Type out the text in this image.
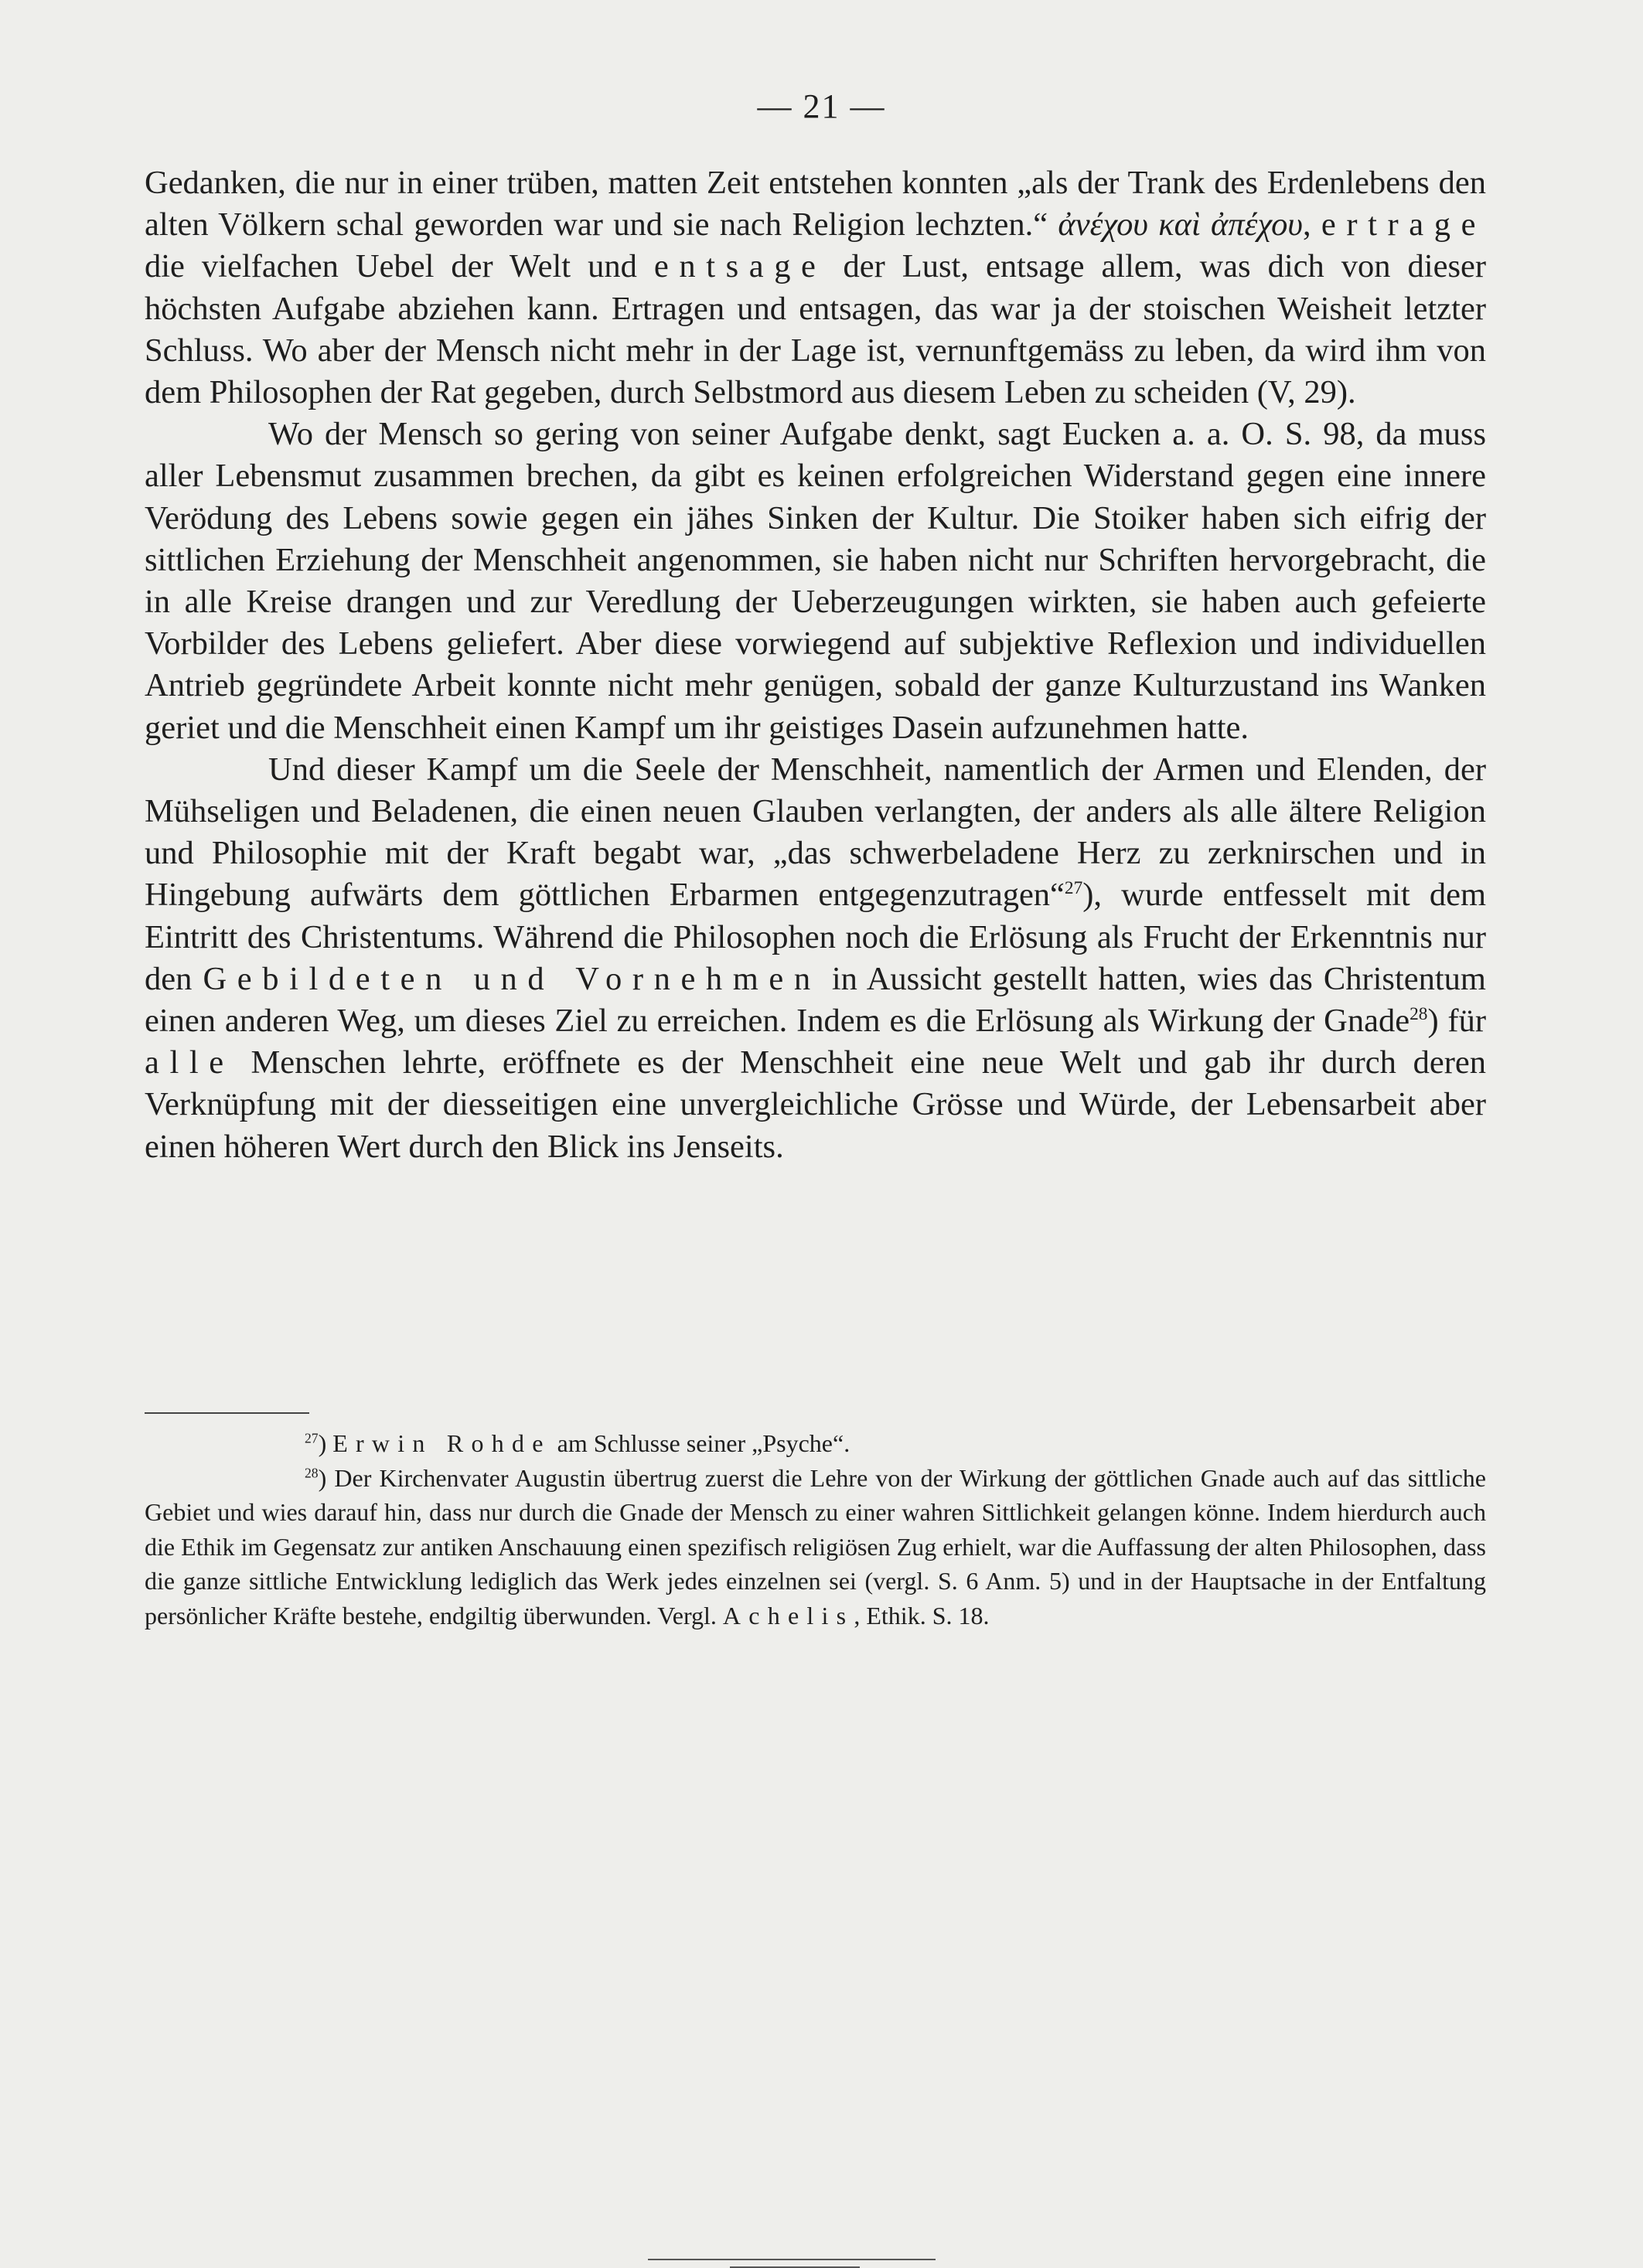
— 21 —

Gedanken, die nur in einer trüben, matten Zeit entstehen konnten „als der Trank des Erdenlebens den alten Völkern schal geworden war und sie nach Religion lechzten.“ ἀνέχου καὶ ἀπέχου, ertrage die vielfachen Uebel der Welt und entsage der Lust, entsage allem, was dich von dieser höchsten Aufgabe abziehen kann. Ertragen und entsagen, das war ja der stoischen Weisheit letzter Schluss. Wo aber der Mensch nicht mehr in der Lage ist, vernunftgemäss zu leben, da wird ihm von dem Philosophen der Rat gegeben, durch Selbstmord aus diesem Leben zu scheiden (V, 29).

Wo der Mensch so gering von seiner Aufgabe denkt, sagt Eucken a. a. O. S. 98, da muss aller Lebensmut zusammen brechen, da gibt es keinen erfolgreichen Widerstand gegen eine innere Verödung des Lebens sowie gegen ein jähes Sinken der Kultur. Die Stoiker haben sich eifrig der sittlichen Erziehung der Menschheit angenommen, sie haben nicht nur Schriften hervorgebracht, die in alle Kreise drangen und zur Veredlung der Ueberzeugungen wirkten, sie haben auch gefeierte Vorbilder des Lebens geliefert. Aber diese vorwiegend auf subjektive Reflexion und individuellen Antrieb gegründete Arbeit konnte nicht mehr genügen, sobald der ganze Kulturzustand ins Wanken geriet und die Menschheit einen Kampf um ihr geistiges Dasein aufzunehmen hatte.

Und dieser Kampf um die Seele der Menschheit, namentlich der Armen und Elenden, der Mühseligen und Beladenen, die einen neuen Glauben verlangten, der anders als alle ältere Religion und Philosophie mit der Kraft begabt war, „das schwerbeladene Herz zu zerknirschen und in Hingebung aufwärts dem göttlichen Erbarmen entgegenzutragen“$^{27}$), wurde entfesselt mit dem Eintritt des Christentums. Während die Philosophen noch die Erlösung als Frucht der Erkenntnis nur den Gebildeten und Vornehmen in Aussicht gestellt hatten, wies das Christentum einen anderen Weg, um dieses Ziel zu erreichen. Indem es die Erlösung als Wirkung der Gnade$^{28}$) für alle Menschen lehrte, eröffnete es der Menschheit eine neue Welt und gab ihr durch deren Verknüpfung mit der diesseitigen eine unvergleichliche Grösse und Würde, der Lebensarbeit aber einen höheren Wert durch den Blick ins Jenseits.

$^{27}$) Erwin Rohde am Schlusse seiner „Psyche“.

$^{28}$) Der Kirchenvater Augustin übertrug zuerst die Lehre von der Wirkung der göttlichen Gnade auch auf das sittliche Gebiet und wies darauf hin, dass nur durch die Gnade der Mensch zu einer wahren Sittlichkeit gelangen könne. Indem hierdurch auch die Ethik im Gegensatz zur antiken Anschauung einen spezifisch religiösen Zug erhielt, war die Auffassung der alten Philosophen, dass die ganze sittliche Entwicklung lediglich das Werk jedes einzelnen sei (vergl. S. 6 Anm. 5) und in der Hauptsache in der Entfaltung persönlicher Kräfte bestehe, endgiltig überwunden. Vergl. Achelis, Ethik. S. 18.
